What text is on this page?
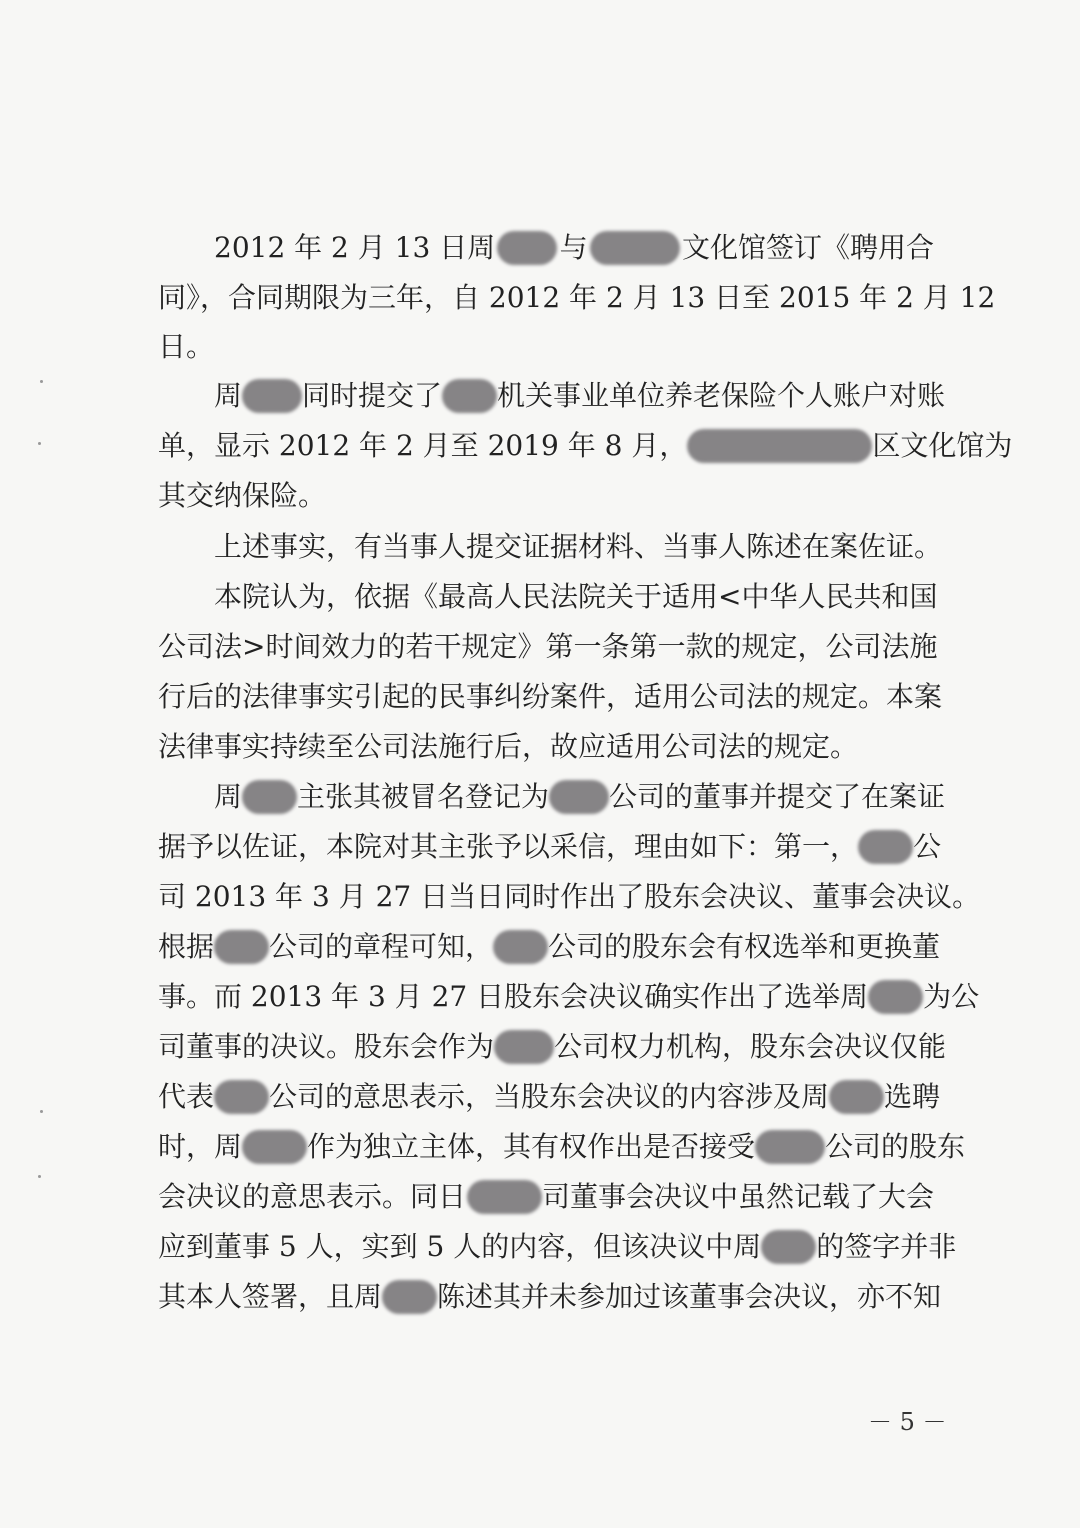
－ 5 －
2012 年 2 月 13 日周 与	文化馆签订《聘用合
同》，合同期限为三年，自 2012 年 2 月 13 日至 2015 年 2 月 12
日。
周 同时提交了 机关事业单位养老保险个人账户对账
单，显示 2012 年 2 月至 2019 年 8 月，	区文化馆为
其交纳保险。
上述事实，有当事人提交证据材料、当事人陈述在案佐证。
本院认为，依据《最高人民法院关于适用<中华人民共和国
公司法>时间效力的若干规定》第一条第一款的规定，公司法施
行后的法律事实引起的民事纠纷案件，适用公司法的规定。本案
法律事实持续至公司法施行后，故应适用公司法的规定。
周 主张其被冒名登记为 公司的董事并提交了在案证
据予以佐证，本院对其主张予以采信，理由如下：第一， 公
司 2013 年 3 月 27 日当日同时作出了股东会决议、董事会决议。
根据 公司的章程可知， 公司的股东会有权选举和更换董
事。而 2013 年 3 月 27 日股东会决议确实作出了选举周 为公
司董事的决议。股东会作为 公司权力机构，股东会决议仅能
代表 公司的意思表示，当股东会决议的内容涉及周 选聘
时，周 作为独立主体，其有权作出是否接受	公司的股东
会决议的意思表示。同日	司董事会决议中虽然记载了大会
应到董事 5 人，实到 5 人的内容，但该决议中周 的签字并非
其本人签署，且周 陈述其并未参加过该董事会决议，亦不知
